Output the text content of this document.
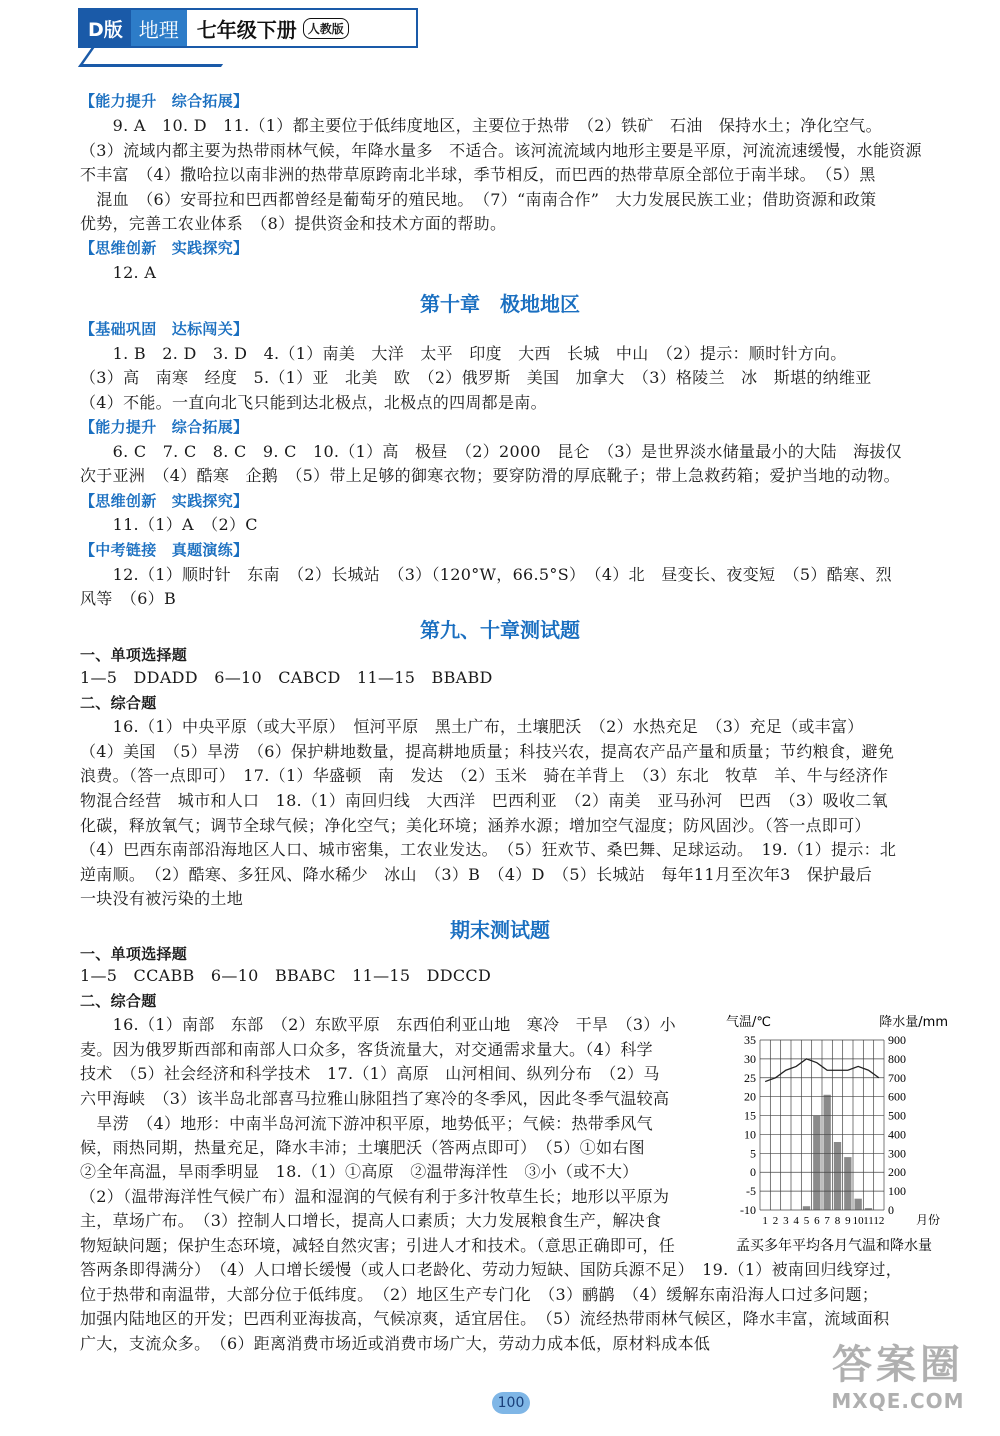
D版 地理 七年级下册 人教版
【能力提升　综合拓展】
　　9. A　10. D　11.（1）都主要位于低纬度地区，主要位于热带　（2）铁矿　石油　保持水土；净化空气。
（3）流域内都主要为热带雨林气候，年降水量多　不适合。该河流流域内地形主要是平原，河流流速缓慢，水能资源
不丰富　（4）撒哈拉以南非洲的热带草原跨南北半球，季节相反，而巴西的热带草原全部位于南半球。　（5）黑
　混血　（6）安哥拉和巴西都曾经是葡萄牙的殖民地。　（7）“南南合作”　大力发展民族工业；借助资源和政策
优势，完善工农业体系　（8）提供资金和技术方面的帮助。
【思维创新　实践探究】
　　12. A
第十章　极地地区
【基础巩固　达标闯关】
　　1. B　2. D　3. D　4.（1）南美　大洋　太平　印度　大西　长城　中山　（2）提示：顺时针方向。
（3）高　南寒　经度　5.（1）亚　北美　欧　（2）俄罗斯　美国　加拿大　（3）格陵兰　冰　斯堪的纳维亚
（4）不能。一直向北飞只能到达北极点，北极点的四周都是南。
【能力提升　综合拓展】
　　6. C　7. C　8. C　9. C　10.（1）高　极昼　（2）2000　昆仑　（3）是世界淡水储量最小的大陆　海拔仅
次于亚洲　（4）酷寒　企鹅　（5）带上足够的御寒衣物；要穿防滑的厚底靴子；带上急救药箱；爱护当地的动物。
【思维创新　实践探究】
　　11.（1）A　（2）C
【中考链接　真题演练】
　　12.（1）顺时针　东南　（2）长城站　（3）（120°W，66.5°S）　（4）北　昼变长、夜变短　（5）酷寒、烈
风等　（6）B
第九、十章测试题
一、单项选择题
1—5　DDADD　6—10　CABCD　11—15　BBABD
二、综合题
　　16.（1）中央平原（或大平原）　恒河平原　黑土广布，土壤肥沃　（2）水热充足　（3）充足（或丰富）
（4）美国　（5）旱涝　（6）保护耕地数量，提高耕地质量；科技兴农，提高农产品产量和质量；节约粮食，避免
浪费。（答一点即可）　17.（1）华盛顿　南　发达　（2）玉米　骑在羊背上　（3）东北　牧草　羊、牛与经济作
物混合经营　城市和人口　18.（1）南回归线　大西洋　巴西利亚　（2）南美　亚马孙河　巴西　（3）吸收二氧
化碳，释放氧气；调节全球气候；净化空气；美化环境；涵养水源；增加空气湿度；防风固沙。（答一点即可）
（4）巴西东南部沿海地区人口、城市密集，工农业发达。　（5）狂欢节、桑巴舞、足球运动。　19.（1）提示：北
逆南顺。　（2）酷寒、多狂风、降水稀少　冰山　（3）B　（4）D　（5）长城站　每年11月至次年3　保护最后
一块没有被污染的土地
期末测试题
一、单项选择题
1—5　CCABB　6—10　BBABC　11—15　DDCCD
二、综合题
　　16.（1）南部　东部　（2）东欧平原　东西伯利亚山地　寒冷　干旱　（3）小
麦。因为俄罗斯西部和南部人口众多，客货流量大，对交通需求量大。（4）科学
技术　（5）社会经济和科学技术　17.（1）高原　山河相间、纵列分布　（2）马
六甲海峡　（3）该半岛北部喜马拉雅山脉阻挡了寒冷的冬季风，因此冬季气温较高
　旱涝　（4）地形：中南半岛河流下游冲积平原，地势低平；气候：热带季风气
候，雨热同期，热量充足，降水丰沛；土壤肥沃（答两点即可）　（5）①如右图
②全年高温，旱雨季明显　18.（1）①高原　②温带海洋性　③小（或不大）
（2）（温带海洋性气候广布）温和湿润的气候有利于多汁牧草生长；地形以平原为
主，草场广布。　（3）控制人口增长，提高人口素质；大力发展粮食生产，解决食
物短缺问题；保护生态环境，减轻自然灾害；引进人才和技术。（意思正确即可，任
答两条即得满分）　（4）人口增长缓慢（或人口老龄化、劳动力短缺、国防兵源不足）　19.（1）被南回归线穿过，
位于热带和南温带，大部分位于低纬度。　（2）地区生产专门化　（3）鹂鹋　（4）缓解东南沿海人口过多问题；
加强内陆地区的开发；巴西利亚海拔高，气候凉爽，适宜居住。　（5）流经热带雨林气候区，降水丰富，流域面积
广大，支流众多。　（6）距离消费市场近或消费市场广大，劳动力成本低，原材料成本低
35
30
25
20
15
10
5
0
-5
-10
900
800
700
600
500
400
300
200
100
0
1 2 3 4 5 6 7 8 9 10 11 12
气温/℃	降水量/mm
月份
孟买多年平均各月气温和降水量
100
答案圈
MXQE.COM
